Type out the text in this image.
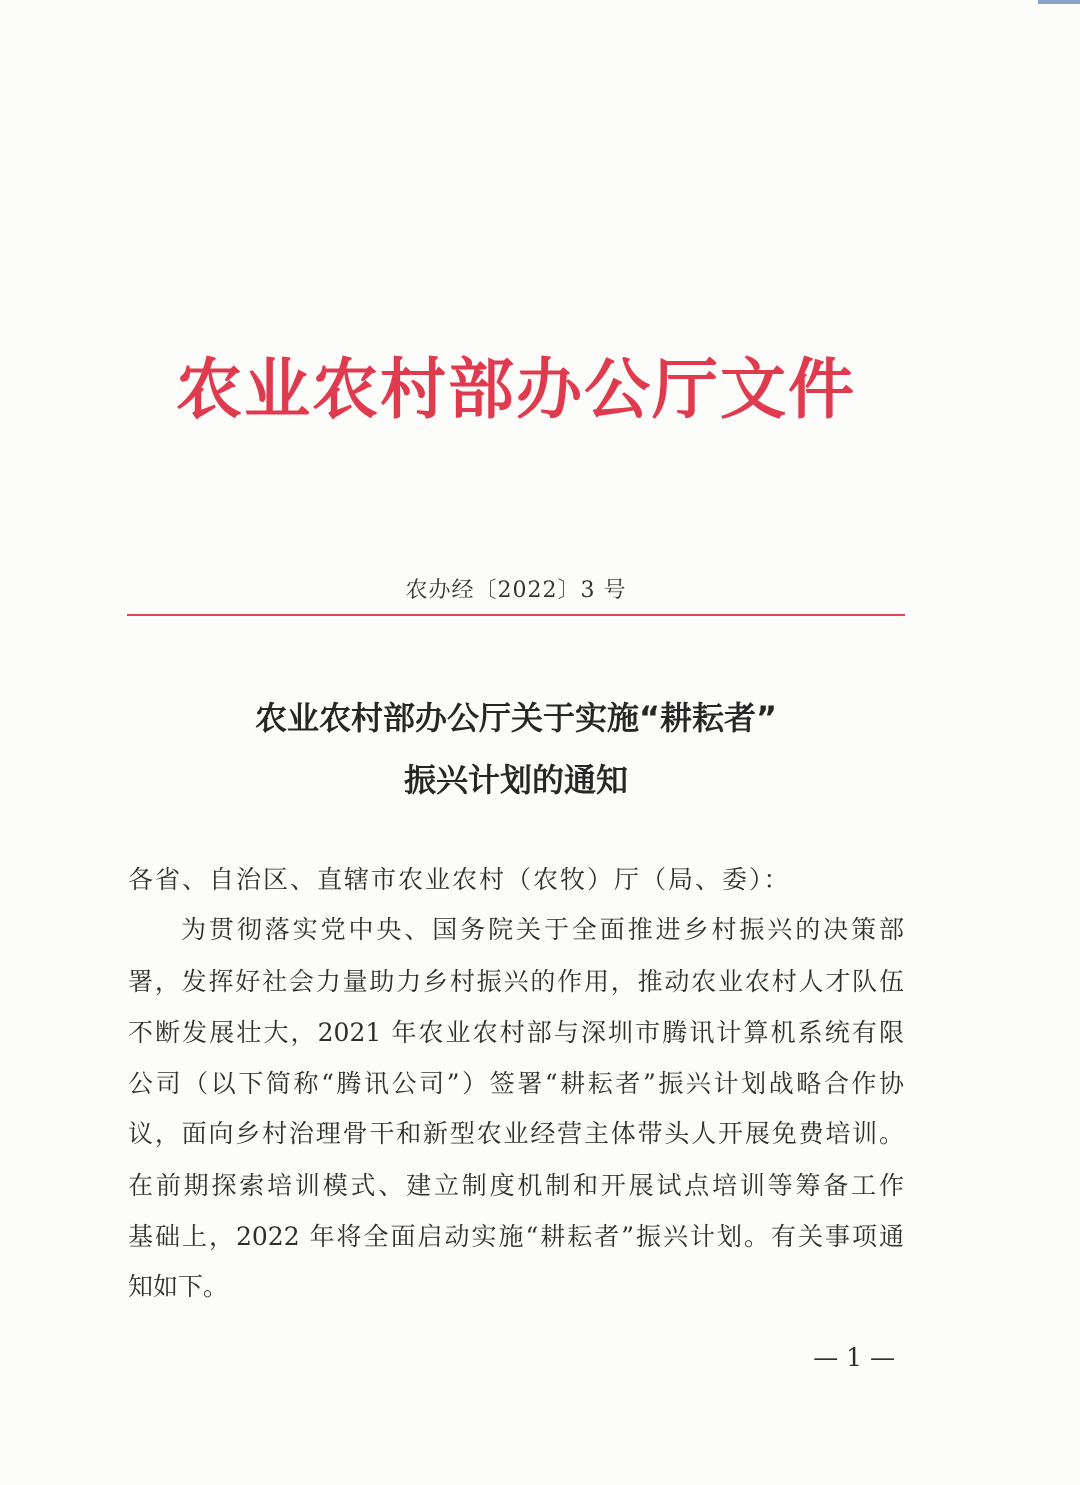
农业农村部办公厅文件
农办经〔2022〕3 号
农业农村部办公厅关于实施“耕耘者”
振兴计划的通知
各省、自治区、直辖市农业农村（农牧）厅（局、委）：
为贯彻落实党中央、国务院关于全面推进乡村振兴的决策部
署，发挥好社会力量助力乡村振兴的作用，推动农业农村人才队伍
不断发展壮大，2021 年农业农村部与深圳市腾讯计算机系统有限
公司（以下简称“腾讯公司”）签署“耕耘者”振兴计划战略合作协
议，面向乡村治理骨干和新型农业经营主体带头人开展免费培训。
在前期探索培训模式、建立制度机制和开展试点培训等筹备工作
基础上，2022 年将全面启动实施“耕耘者”振兴计划。有关事项通
知如下。
— 1 —
